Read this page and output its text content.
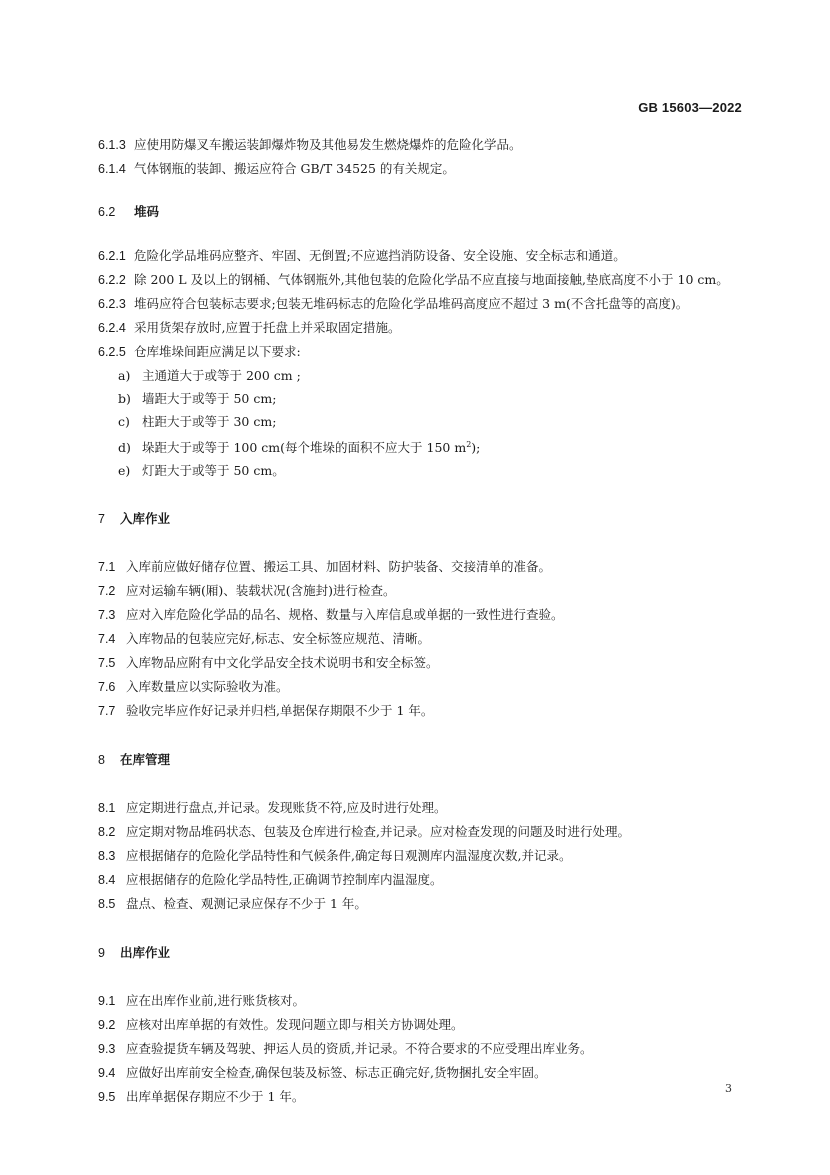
GB 15603—2022
6.1.3 应使用防爆叉车搬运装卸爆炸物及其他易发生燃烧爆炸的危险化学品。
6.1.4 气体钢瓶的装卸、搬运应符合 GB/T 34525 的有关规定。
6.2 堆码
6.2.1 危险化学品堆码应整齐、牢固、无倒置;不应遮挡消防设备、安全设施、安全标志和通道。
6.2.2 除 200 L 及以上的钢桶、气体钢瓶外,其他包装的危险化学品不应直接与地面接触,垫底高度不小于 10 cm。
6.2.3 堆码应符合包装标志要求;包装无堆码标志的危险化学品堆码高度应不超过 3 m(不含托盘等的高度)。
6.2.4 采用货架存放时,应置于托盘上并采取固定措施。
6.2.5 仓库堆垛间距应满足以下要求:
a) 主通道大于或等于 200 cm ;
b) 墙距大于或等于 50 cm;
c) 柱距大于或等于 30 cm;
d) 垛距大于或等于 100 cm(每个堆垛的面积不应大于 150 $m^2$);
e) 灯距大于或等于 50 cm。
7 入库作业
7.1 入库前应做好储存位置、搬运工具、加固材料、防护装备、交接清单的准备。
7.2 应对运输车辆(厢)、装载状况(含施封)进行检查。
7.3 应对入库危险化学品的品名、规格、数量与入库信息或单据的一致性进行查验。
7.4 入库物品的包装应完好,标志、安全标签应规范、清晰。
7.5 入库物品应附有中文化学品安全技术说明书和安全标签。
7.6 入库数量应以实际验收为准。
7.7 验收完毕应作好记录并归档,单据保存期限不少于 1 年。
8 在库管理
8.1 应定期进行盘点,并记录。发现账货不符,应及时进行处理。
8.2 应定期对物品堆码状态、包装及仓库进行检查,并记录。应对检查发现的问题及时进行处理。
8.3 应根据储存的危险化学品特性和气候条件,确定每日观测库内温湿度次数,并记录。
8.4 应根据储存的危险化学品特性,正确调节控制库内温湿度。
8.5 盘点、检查、观测记录应保存不少于 1 年。
9 出库作业
9.1 应在出库作业前,进行账货核对。
9.2 应核对出库单据的有效性。发现问题立即与相关方协调处理。
9.3 应查验提货车辆及驾驶、押运人员的资质,并记录。不符合要求的不应受理出库业务。
9.4 应做好出库前安全检查,确保包装及标签、标志正确完好,货物捆扎安全牢固。
9.5 出库单据保存期应不少于 1 年。
3
